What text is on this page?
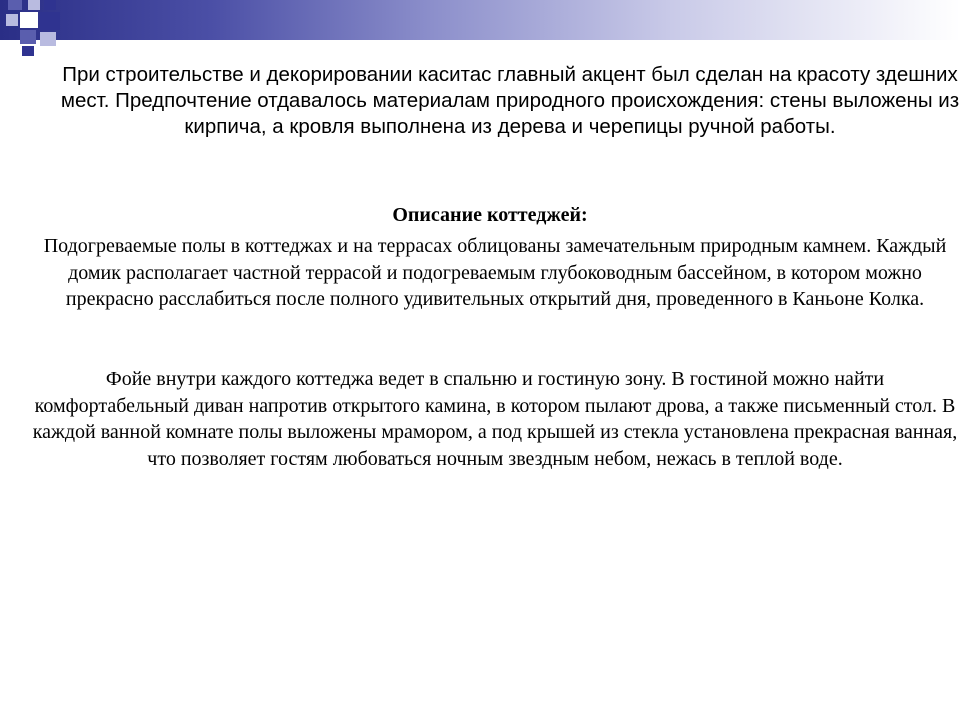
При строительстве и декорировании каситас главный акцент был сделан на красоту здешних мест. Предпочтение отдавалось материалам природного происхождения: стены выложены из кирпича, а кровля выполнена из дерева и черепицы ручной работы.
Описание коттеджей:
Подогреваемые полы в коттеджах и на террасах облицованы замечательным природным камнем. Каждый домик располагает частной террасой и подогреваемым глубоководным бассейном, в котором можно прекрасно расслабиться после полного удивительных открытий дня, проведенного в Каньоне Колка.
Фойе внутри каждого коттеджа ведет в спальню и гостиную зону. В гостиной можно найти комфортабельный диван напротив открытого камина, в котором пылают дрова, а также письменный стол. В каждой ванной комнате полы выложены мрамором, а под крышей из стекла установлена прекрасная ванная, что позволяет гостям любоваться ночным звездным небом, нежась в теплой воде.
